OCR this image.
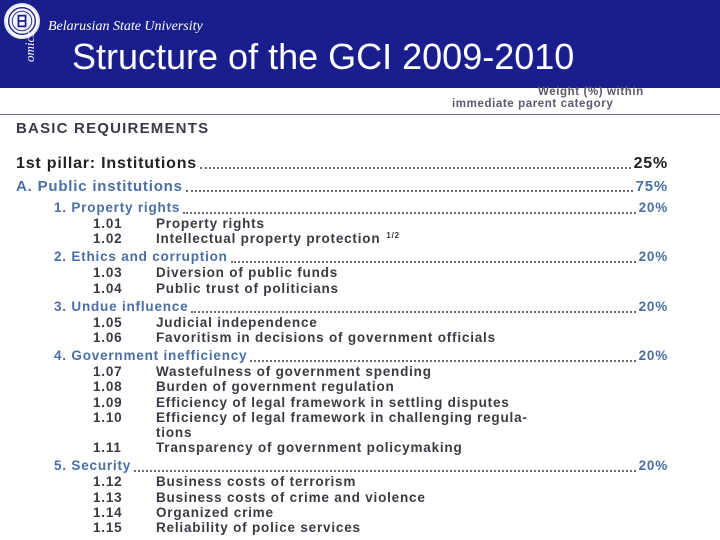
omics
Belarusian State University
Structure of the GCI 2009-2010
Weight (%) within
immediate parent category
BASIC REQUIREMENTS
1st pillar: Institutions	25%
A. Public institutions	75%
1. Property rights	20%
1.01 Property rights
1.02 Intellectual property protection $^{1/2}$
2. Ethics and corruption	20%
1.03 Diversion of public funds
1.04 Public trust of politicians
3. Undue influence	20%
1.05 Judicial independence
1.06 Favoritism in decisions of government officials
4. Government inefficiency	20%
1.07 Wastefulness of government spending
1.08 Burden of government regulation
1.09 Efficiency of legal framework in settling disputes
1.10 Efficiency of legal framework in challenging regula-
tions
1.11	Transparency of government policymaking
5. Security	20%
1.12 Business costs of terrorism
1.13 Business costs of crime and violence
1.14 Organized crime
1.15 Reliability of police services
